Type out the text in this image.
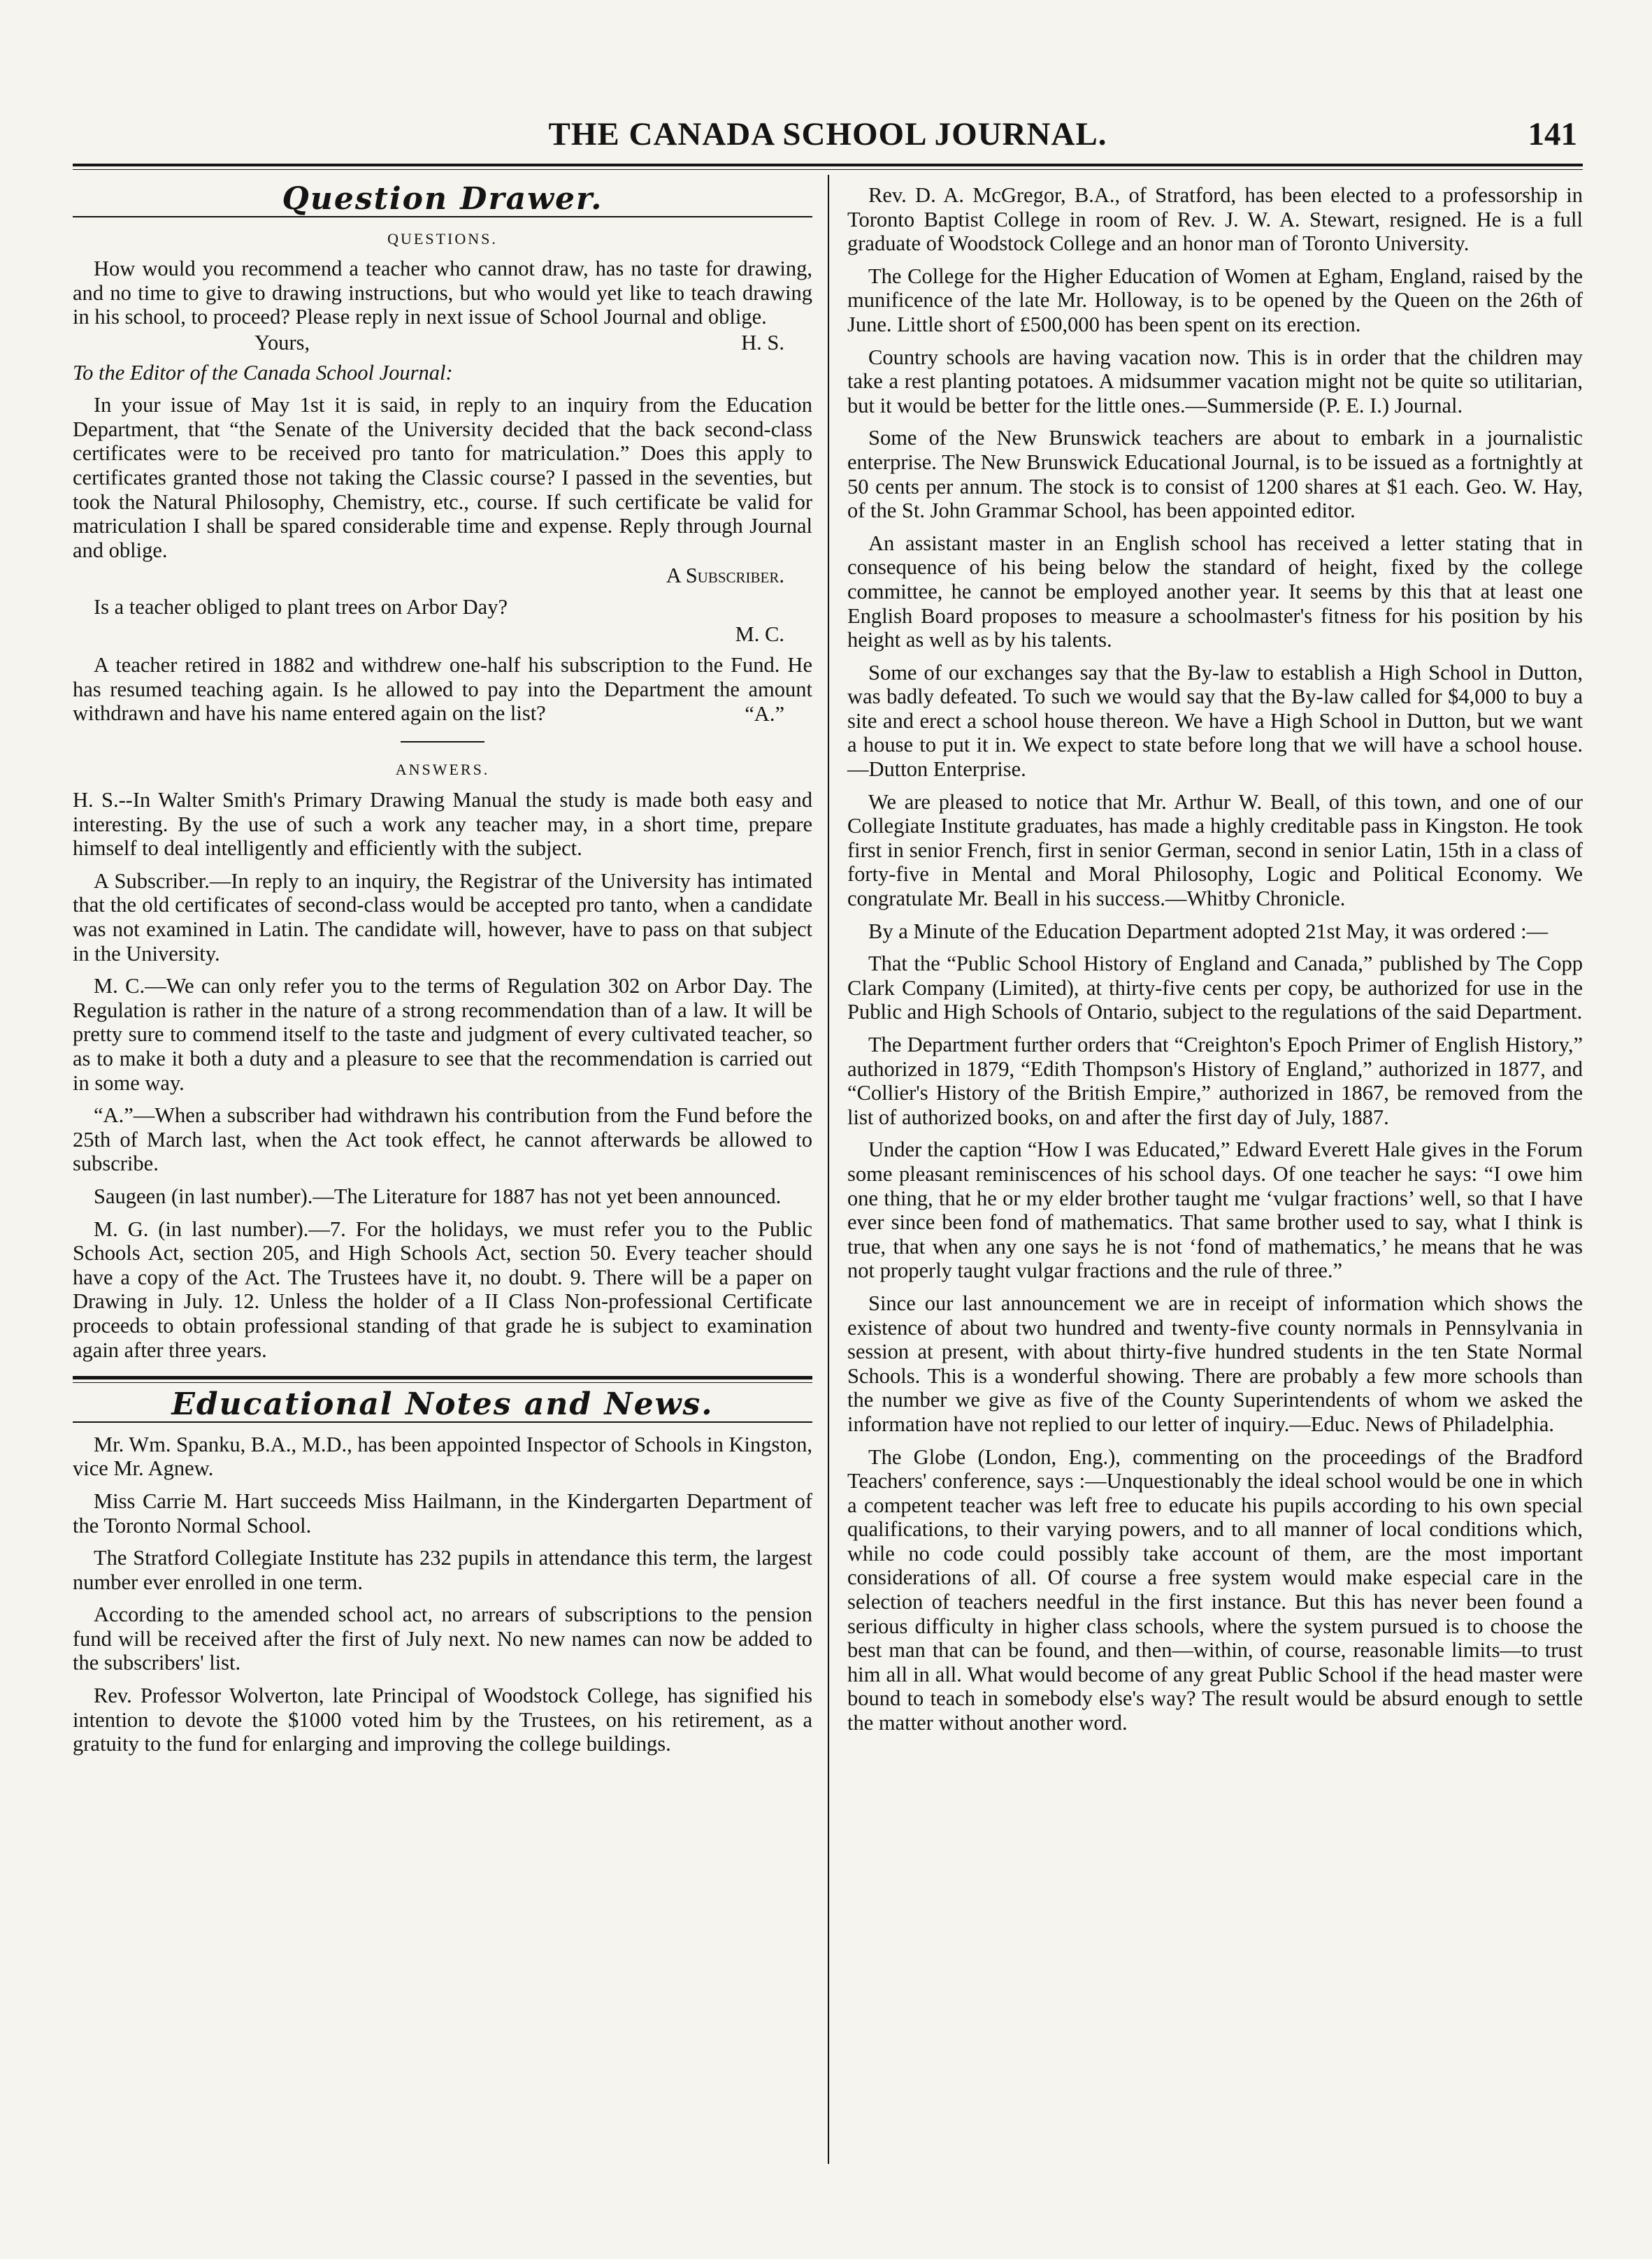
THE CANADA SCHOOL JOURNAL.	141
Question Drawer.
QUESTIONS.

How would you recommend a teacher who cannot draw, has no taste for drawing, and no time to give to drawing instructions, but who would yet like to teach drawing in his school, to proceed? Please reply in next issue of School Journal and oblige.

Yours,	H. S.

To the Editor of the Canada School Journal:

In your issue of May 1st it is said, in reply to an inquiry from the Education Department, that “the Senate of the University decided that the back second-class certificates were to be received pro tanto for matriculation.” Does this apply to certificates granted those not taking the Classic course? I passed in the seventies, but took the Natural Philosophy, Chemistry, etc., course. If such certificate be valid for matriculation I shall be spared considerable time and expense. Reply through Journal and oblige.

A Subscriber.

Is a teacher obliged to plant trees on Arbor Day?

M. C.

A teacher retired in 1882 and withdrew one-half his subscription to the Fund. He has resumed teaching again. Is he allowed to pay into the Department the amount withdrawn and have his name entered again on the list?	“A.”
ANSWERS.

H. S.--In Walter Smith's Primary Drawing Manual the study is made both easy and interesting. By the use of such a work any teacher may, in a short time, prepare himself to deal intelligently and efficiently with the subject.

A Subscriber.—In reply to an inquiry, the Registrar of the University has intimated that the old certificates of second-class would be accepted pro tanto, when a candidate was not examined in Latin. The candidate will, however, have to pass on that subject in the University.

M. C.—We can only refer you to the terms of Regulation 302 on Arbor Day. The Regulation is rather in the nature of a strong recommendation than of a law. It will be pretty sure to commend itself to the taste and judgment of every cultivated teacher, so as to make it both a duty and a pleasure to see that the recommendation is carried out in some way.

“A.”—When a subscriber had withdrawn his contribution from the Fund before the 25th of March last, when the Act took effect, he cannot afterwards be allowed to subscribe.

Saugeen (in last number).—The Literature for 1887 has not yet been announced.

M. G. (in last number).—7. For the holidays, we must refer you to the Public Schools Act, section 205, and High Schools Act, section 50. Every teacher should have a copy of the Act. The Trustees have it, no doubt. 9. There will be a paper on Drawing in July. 12. Unless the holder of a II Class Non-professional Certificate proceeds to obtain professional standing of that grade he is subject to examination again after three years.

Educational Notes and News.

Mr. Wm. Spanku, B.A., M.D., has been appointed Inspector of Schools in Kingston, vice Mr. Agnew.

Miss Carrie M. Hart succeeds Miss Hailmann, in the Kindergarten Department of the Toronto Normal School.

The Stratford Collegiate Institute has 232 pupils in attendance this term, the largest number ever enrolled in one term.

According to the amended school act, no arrears of subscriptions to the pension fund will be received after the first of July next. No new names can now be added to the subscribers' list.

Rev. Professor Wolverton, late Principal of Woodstock College, has signified his intention to devote the $1000 voted him by the Trustees, on his retirement, as a gratuity to the fund for enlarging and improving the college buildings.

Rev. D. A. McGregor, B.A., of Stratford, has been elected to a professorship in Toronto Baptist College in room of Rev. J. W. A. Stewart, resigned. He is a full graduate of Woodstock College and an honor man of Toronto University.

The College for the Higher Education of Women at Egham, England, raised by the munificence of the late Mr. Holloway, is to be opened by the Queen on the 26th of June. Little short of £500,000 has been spent on its erection.

Country schools are having vacation now. This is in order that the children may take a rest planting potatoes. A midsummer vacation might not be quite so utilitarian, but it would be better for the little ones.—Summerside (P. E. I.) Journal.

Some of the New Brunswick teachers are about to embark in a journalistic enterprise. The New Brunswick Educational Journal, is to be issued as a fortnightly at 50 cents per annum. The stock is to consist of 1200 shares at $1 each. Geo. W. Hay, of the St. John Grammar School, has been appointed editor.

An assistant master in an English school has received a letter stating that in consequence of his being below the standard of height, fixed by the college committee, he cannot be employed another year. It seems by this that at least one English Board proposes to measure a schoolmaster's fitness for his position by his height as well as by his talents.

Some of our exchanges say that the By-law to establish a High School in Dutton, was badly defeated. To such we would say that the By-law called for $4,000 to buy a site and erect a school house thereon. We have a High School in Dutton, but we want a house to put it in. We expect to state before long that we will have a school house.—Dutton Enterprise.

We are pleased to notice that Mr. Arthur W. Beall, of this town, and one of our Collegiate Institute graduates, has made a highly creditable pass in Kingston. He took first in senior French, first in senior German, second in senior Latin, 15th in a class of forty-five in Mental and Moral Philosophy, Logic and Political Economy. We congratulate Mr. Beall in his success.—Whitby Chronicle.

By a Minute of the Education Department adopted 21st May, it was ordered :—

That the “Public School History of England and Canada,” published by The Copp Clark Company (Limited), at thirty-five cents per copy, be authorized for use in the Public and High Schools of Ontario, subject to the regulations of the said Department.

The Department further orders that “Creighton's Epoch Primer of English History,” authorized in 1879, “Edith Thompson's History of England,” authorized in 1877, and “Collier's History of the British Empire,” authorized in 1867, be removed from the list of authorized books, on and after the first day of July, 1887.

Under the caption “How I was Educated,” Edward Everett Hale gives in the Forum some pleasant reminiscences of his school days. Of one teacher he says: “I owe him one thing, that he or my elder brother taught me ‘vulgar fractions’ well, so that I have ever since been fond of mathematics. That same brother used to say, what I think is true, that when any one says he is not ‘fond of mathematics,’ he means that he was not properly taught vulgar fractions and the rule of three.”

Since our last announcement we are in receipt of information which shows the existence of about two hundred and twenty-five county normals in Pennsylvania in session at present, with about thirty-five hundred students in the ten State Normal Schools. This is a wonderful showing. There are probably a few more schools than the number we give as five of the County Superintendents of whom we asked the information have not replied to our letter of inquiry.—Educ. News of Philadelphia.

The Globe (London, Eng.), commenting on the proceedings of the Bradford Teachers' conference, says :—Unquestionably the ideal school would be one in which a competent teacher was left free to educate his pupils according to his own special qualifications, to their varying powers, and to all manner of local conditions which, while no code could possibly take account of them, are the most important considerations of all. Of course a free system would make especial care in the selection of teachers needful in the first instance. But this has never been found a serious difficulty in higher class schools, where the system pursued is to choose the best man that can be found, and then—within, of course, reasonable limits—to trust him all in all. What would become of any great Public School if the head master were bound to teach in somebody else's way? The result would be absurd enough to settle the matter without another word.
